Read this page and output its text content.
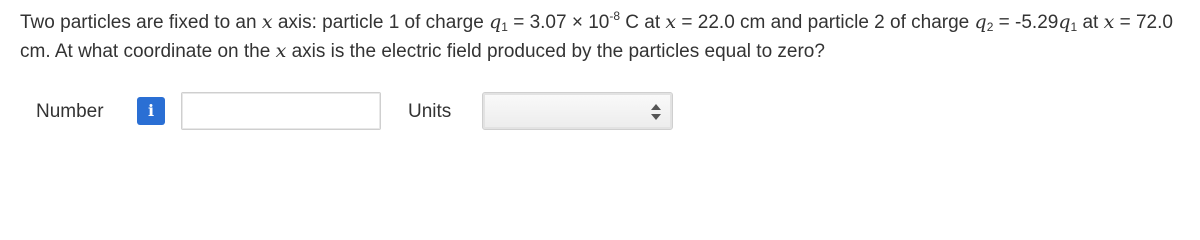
Two particles are fixed to an x axis: particle 1 of charge $q_1 = 3.07 \times 10^{-8}$ C at x = 22.0 cm and particle 2 of charge $q_2 = -5.29q_1$ at x = 72.0
cm. At what coordinate on the x axis is the electric field produced by the particles equal to zero?
Number	i	Units
